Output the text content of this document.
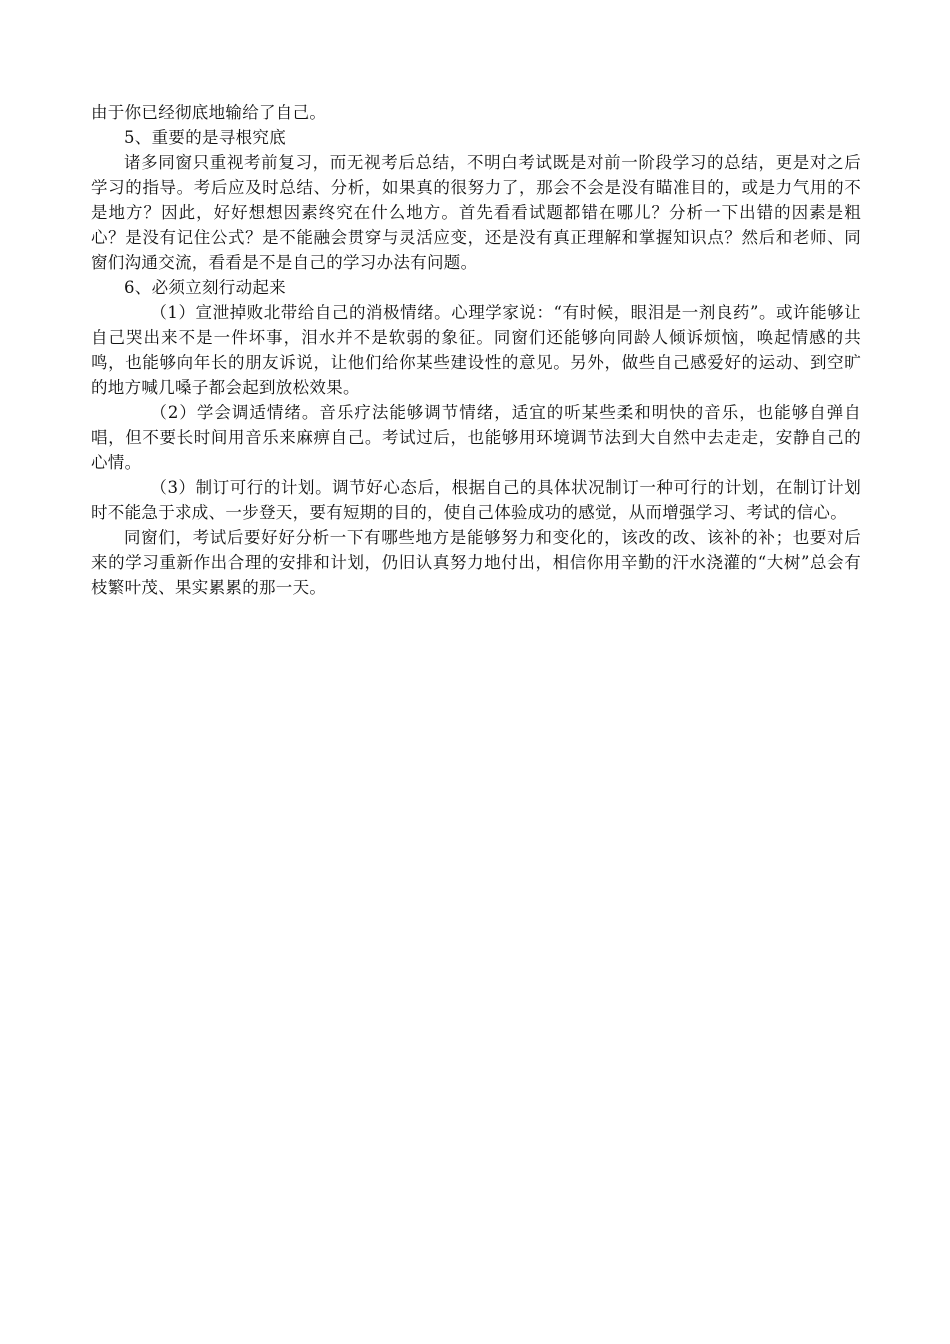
由于你已经彻底地输给了自己。

5、重要的是寻根究底

诸多同窗只重视考前复习，而无视考后总结，不明白考试既是对前一阶段学习的总结，更是对之后学习的指导。考后应及时总结、分析，如果真的很努力了，那会不会是没有瞄准目的，或是力气用的不是地方？因此，好好想想因素终究在什么地方。首先看看试题都错在哪儿？分析一下出错的因素是粗心？是没有记住公式？是不能融会贯穿与灵活应变，还是没有真正理解和掌握知识点？然后和老师、同窗们沟通交流，看看是不是自己的学习办法有问题。

6、必须立刻行动起来

（1）宣泄掉败北带给自己的消极情绪。心理学家说：“有时候，眼泪是一剂良药”。或许能够让自己哭出来不是一件坏事，泪水并不是软弱的象征。同窗们还能够向同龄人倾诉烦恼，唤起情感的共鸣，也能够向年长的朋友诉说，让他们给你某些建设性的意见。另外，做些自己感爱好的运动、到空旷的地方喊几嗓子都会起到放松效果。

（2）学会调适情绪。音乐疗法能够调节情绪，适宜的听某些柔和明快的音乐，也能够自弹自唱，但不要长时间用音乐来麻痹自己。考试过后，也能够用环境调节法到大自然中去走走，安静自己的心情。

（3）制订可行的计划。调节好心态后，根据自己的具体状况制订一种可行的计划，在制订计划时不能急于求成、一步登天，要有短期的目的，使自己体验成功的感觉，从而增强学习、考试的信心。

同窗们，考试后要好好分析一下有哪些地方是能够努力和变化的，该改的改、该补的补；也要对后来的学习重新作出合理的安排和计划，仍旧认真努力地付出，相信你用辛勤的汗水浇灌的“大树”总会有枝繁叶茂、果实累累的那一天。
